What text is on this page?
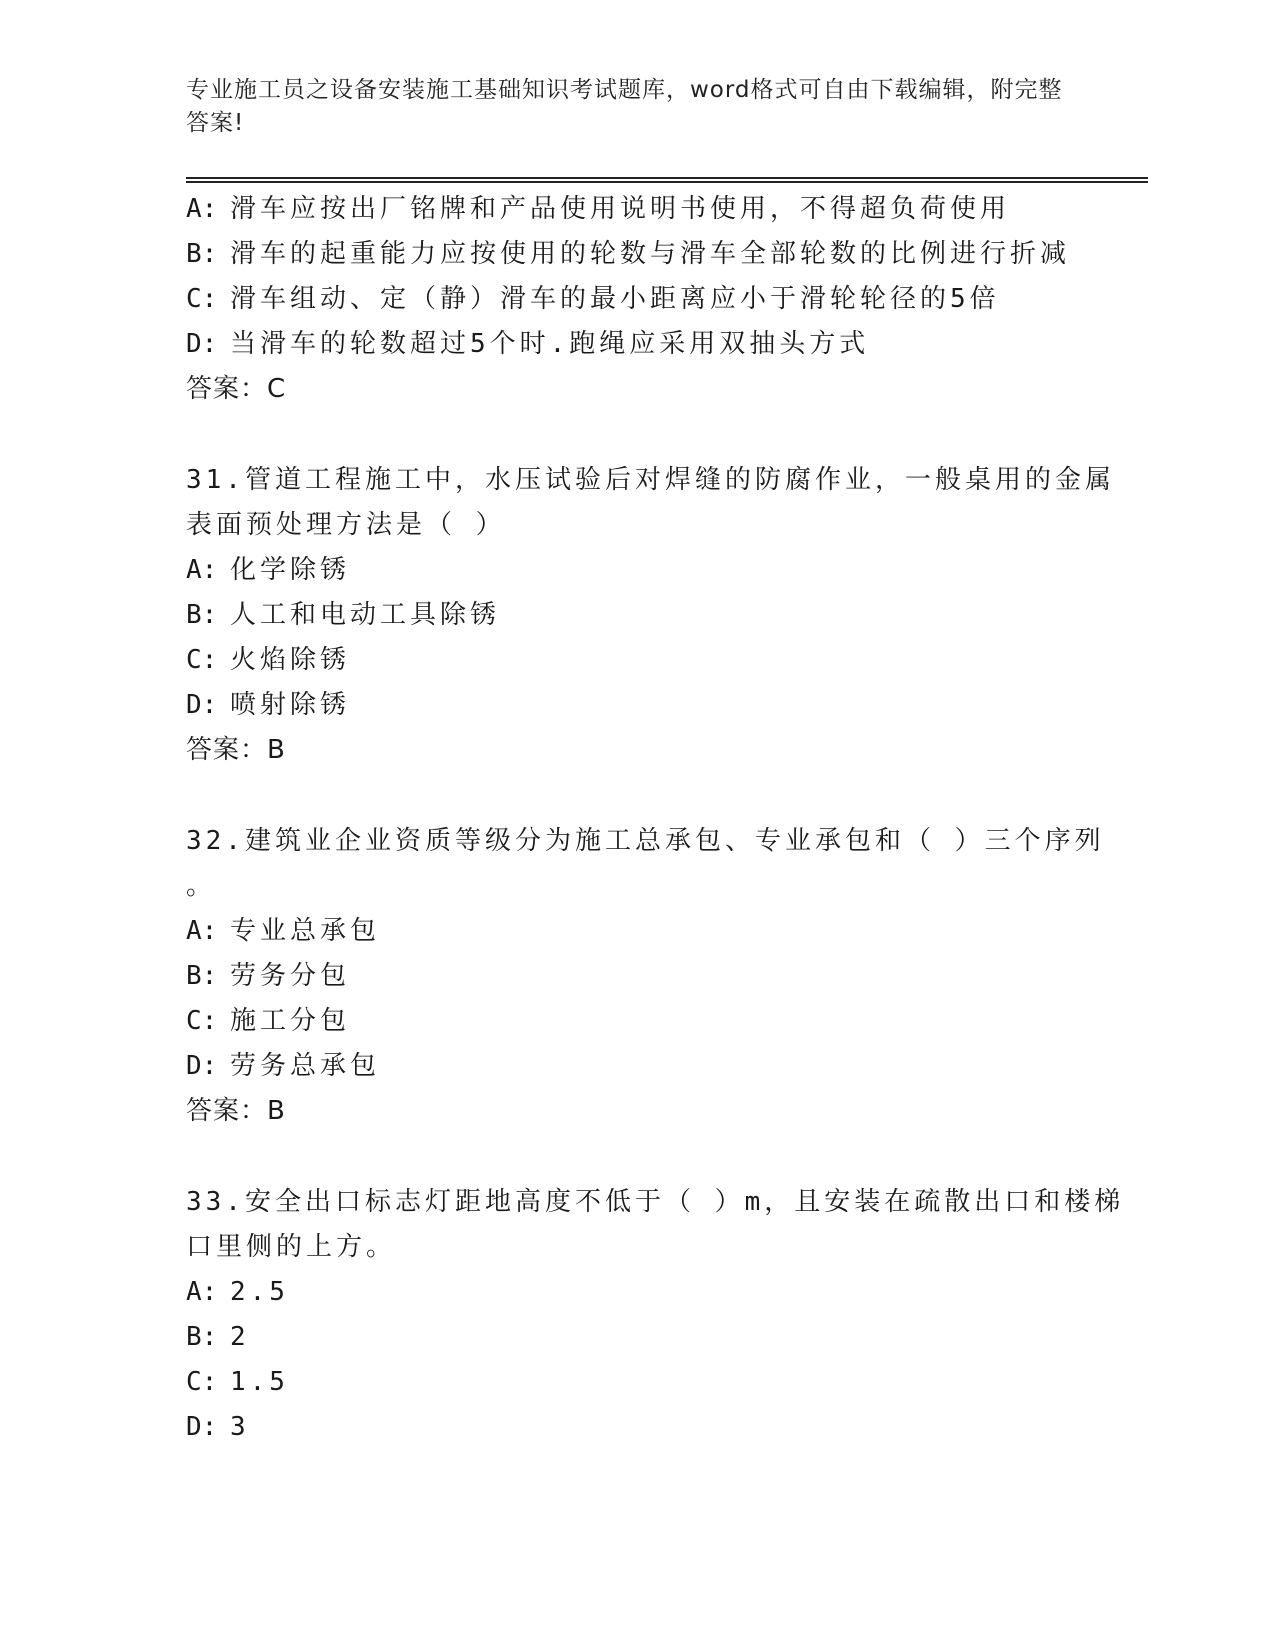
专业施工员之设备安装施工基础知识考试题库，word格式可自由下载编辑，附完整答案!
A: 滑车应按出厂铭牌和产品使用说明书使用，不得超负荷使用
B: 滑车的起重能力应按使用的轮数与滑车全部轮数的比例进行折减
C: 滑车组动、定（静）滑车的最小距离应小于滑轮轮径的5倍
D: 当滑车的轮数超过5个时.跑绳应采用双抽头方式
答案：C
31.管道工程施工中，水压试验后对焊缝的防腐作业，一般桌用的金属
表面预处理方法是（ ）
A: 化学除锈
B: 人工和电动工具除锈
C: 火焰除锈
D: 喷射除锈
答案：B
32.建筑业企业资质等级分为施工总承包、专业承包和（ ）三个序列
。
A: 专业总承包
B: 劳务分包
C: 施工分包
D: 劳务总承包
答案：B
33.安全出口标志灯距地高度不低于（ ）m，且安装在疏散出口和楼梯
口里侧的上方。
A: 2.5
B: 2
C: 1.5
D: 3
